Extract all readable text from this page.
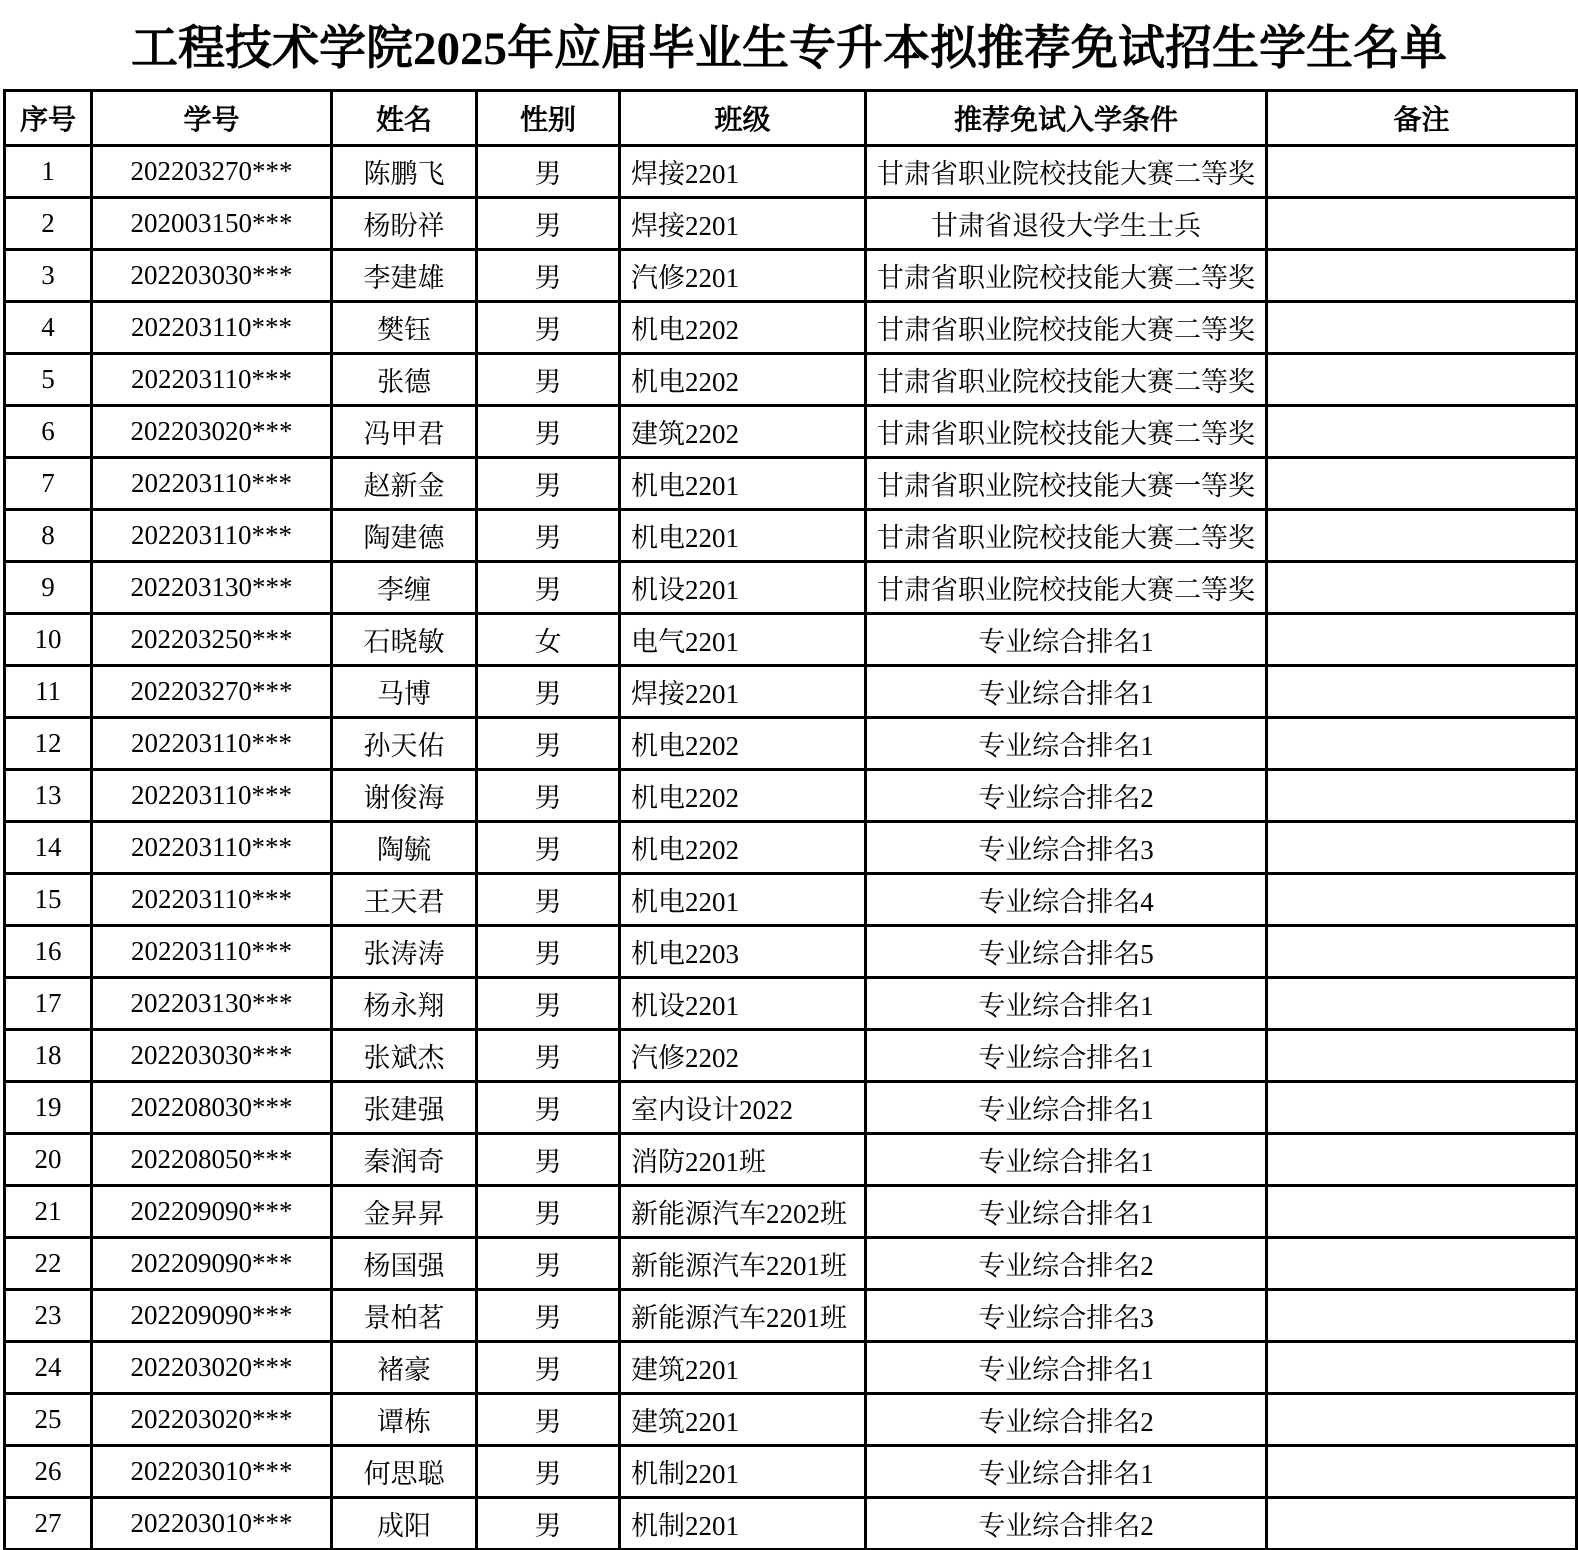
工程技术学院2025年应届毕业生专升本拟推荐免试招生学生名单
序号	学号	姓名	性别	班级	推荐免试入学条件	备注
1	202203270***	陈鹏飞	男	焊接2201	甘肃省职业院校技能大赛二等奖	
2	202003150***	杨盼祥	男	焊接2201	甘肃省退役大学生士兵	
3	202203030***	李建雄	男	汽修2201	甘肃省职业院校技能大赛二等奖	
4	202203110***	樊钰	男	机电2202	甘肃省职业院校技能大赛二等奖	
5	202203110***	张德	男	机电2202	甘肃省职业院校技能大赛二等奖	
6	202203020***	冯甲君	男	建筑2202	甘肃省职业院校技能大赛二等奖	
7	202203110***	赵新金	男	机电2201	甘肃省职业院校技能大赛一等奖	
8	202203110***	陶建德	男	机电2201	甘肃省职业院校技能大赛二等奖	
9	202203130***	李缠	男	机设2201	甘肃省职业院校技能大赛二等奖	
10	202203250***	石晓敏	女	电气2201	专业综合排名1	
11	202203270***	马博	男	焊接2201	专业综合排名1	
12	202203110***	孙天佑	男	机电2202	专业综合排名1	
13	202203110***	谢俊海	男	机电2202	专业综合排名2	
14	202203110***	陶毓	男	机电2202	专业综合排名3	
15	202203110***	王天君	男	机电2201	专业综合排名4	
16	202203110***	张涛涛	男	机电2203	专业综合排名5	
17	202203130***	杨永翔	男	机设2201	专业综合排名1	
18	202203030***	张斌杰	男	汽修2202	专业综合排名1	
19	202208030***	张建强	男	室内设计2022	专业综合排名1	
20	202208050***	秦润奇	男	消防2201班	专业综合排名1	
21	202209090***	金昇昇	男	新能源汽车2202班	专业综合排名1	
22	202209090***	杨国强	男	新能源汽车2201班	专业综合排名2	
23	202209090***	景柏茗	男	新能源汽车2201班	专业综合排名3	
24	202203020***	褚豪	男	建筑2201	专业综合排名1	
25	202203020***	谭栋	男	建筑2201	专业综合排名2	
26	202203010***	何思聪	男	机制2201	专业综合排名1	
27	202203010***	成阳	男	机制2201	专业综合排名2	
